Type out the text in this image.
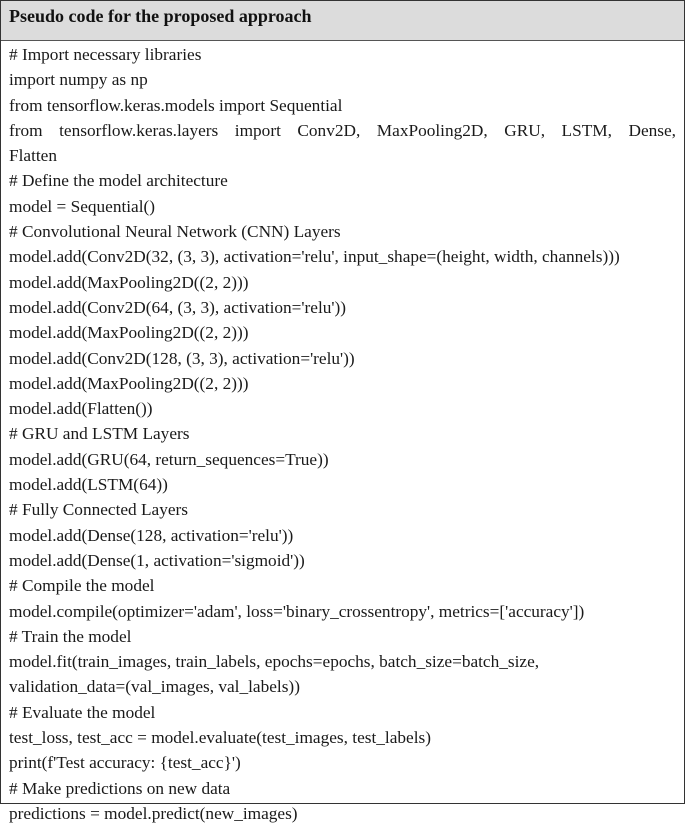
Pseudo code for the proposed approach
# Import necessary libraries
import numpy as np
from tensorflow.keras.models import Sequential
from tensorflow.keras.layers import Conv2D, MaxPooling2D, GRU, LSTM, Dense,
Flatten
# Define the model architecture
model = Sequential()
# Convolutional Neural Network (CNN) Layers
model.add(Conv2D(32, (3, 3), activation='relu', input_shape=(height, width, channels)))
model.add(MaxPooling2D((2, 2)))
model.add(Conv2D(64, (3, 3), activation='relu'))
model.add(MaxPooling2D((2, 2)))
model.add(Conv2D(128, (3, 3), activation='relu'))
model.add(MaxPooling2D((2, 2)))
model.add(Flatten())
# GRU and LSTM Layers
model.add(GRU(64, return_sequences=True))
model.add(LSTM(64))
# Fully Connected Layers
model.add(Dense(128, activation='relu'))
model.add(Dense(1, activation='sigmoid'))
# Compile the model
model.compile(optimizer='adam', loss='binary_crossentropy', metrics=['accuracy'])
# Train the model
model.fit(train_images, train_labels, epochs=epochs, batch_size=batch_size,
validation_data=(val_images, val_labels))
# Evaluate the model
test_loss, test_acc = model.evaluate(test_images, test_labels)
print(f'Test accuracy: {test_acc}')
# Make predictions on new data
predictions = model.predict(new_images)
